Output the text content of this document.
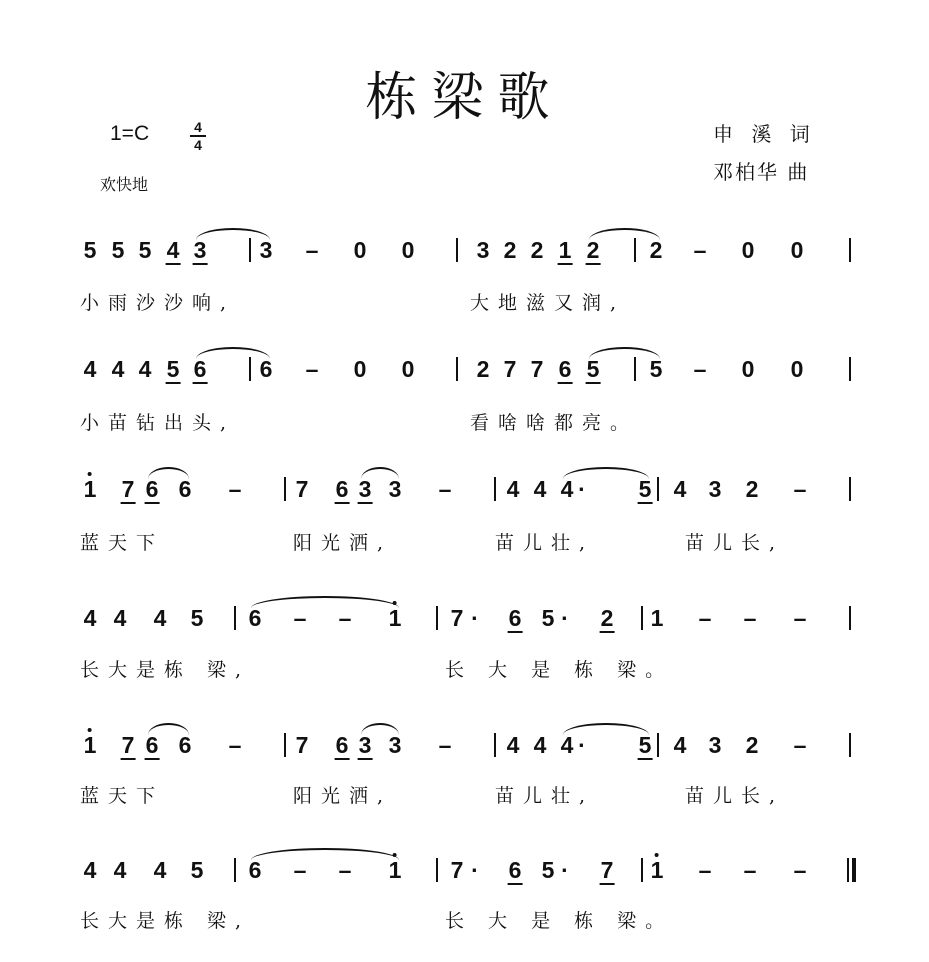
栋梁歌
1=C	4
4
欢快地
申 溪 词
邓柏华 曲
5 5 5 4 3 3 – 0 0	3 2 2 1 2 2 – 0 0
小雨沙沙响,	大地滋又润,
4 4 4 5 6 6 – 0 0	2 7 7 6 5 5 – 0 0
小苗钻出头,	看啥啥都亮。
1 7 6 6 – 7 6 3 3 – 4 4 4 · 5 4 3 2 –
蓝天下	阳光洒,	苗儿壮,	苗儿长,
4 4 4 5 6 – – 1 7 · 6 5 · 2 1 – – –
长大是栋 梁,	长 大 是 栋 梁。
1 7 6 6 – 7 6 3 3 – 4 4 4 · 5 4 3 2 –
蓝天下	阳光洒,	苗儿壮,	苗儿长,
4 4 4 5 6 – – 1 7 · 6 5 · 7 1 – – –
长大是栋 梁,	长 大 是 栋 梁。
